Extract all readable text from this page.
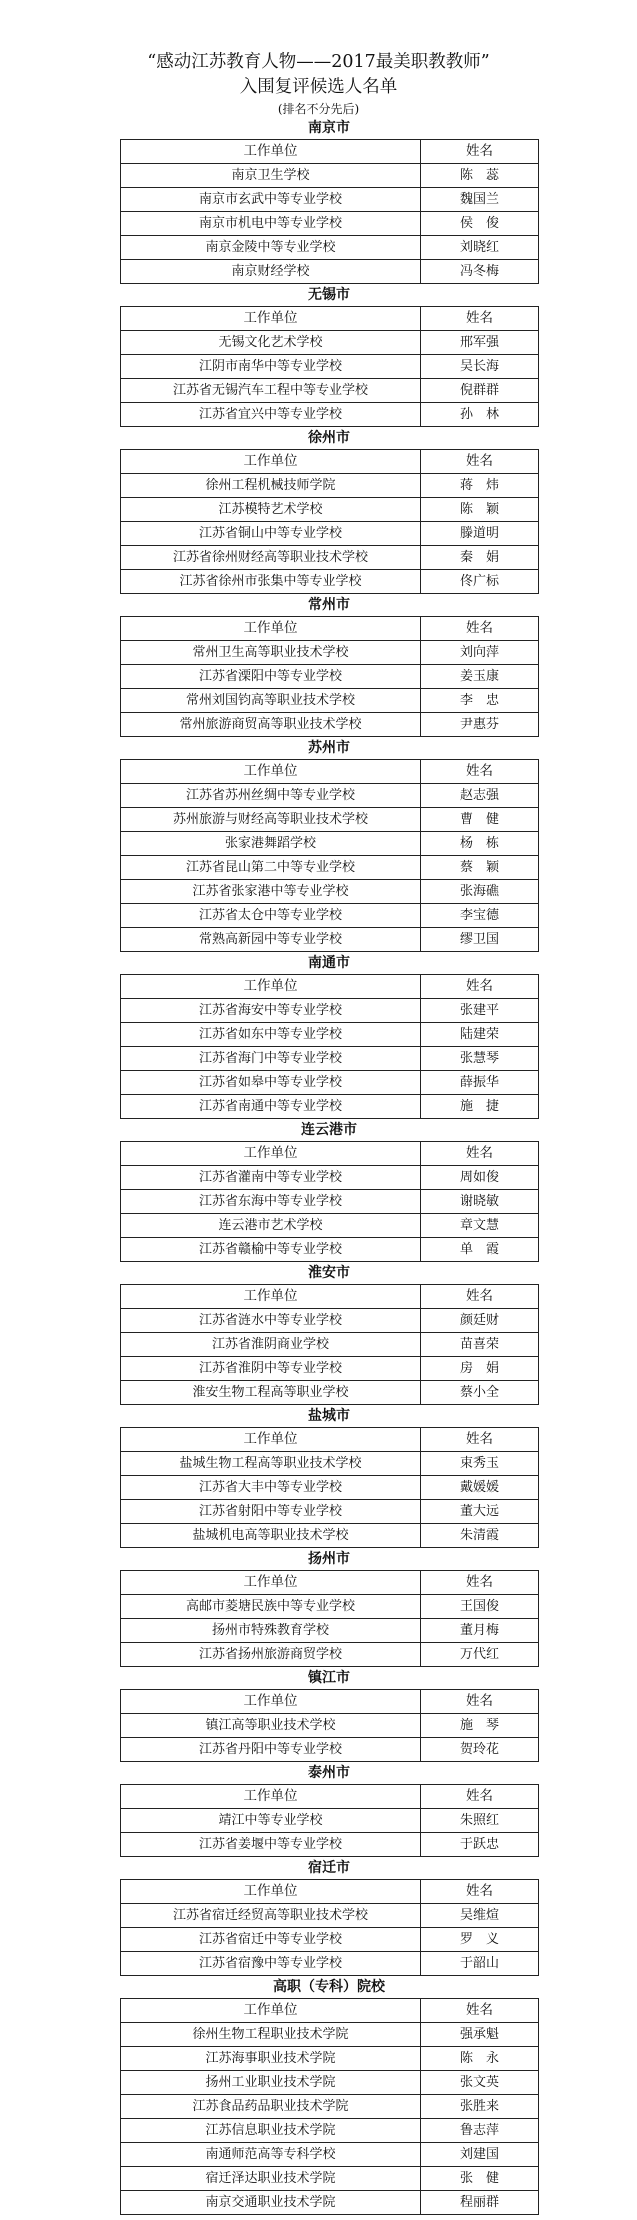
“感动江苏教育人物——2017最美职教教师”
入围复评候选人名单
(排名不分先后)
南京市
工作单位	姓名
南京卫生学校	陈　蕊
南京市玄武中等专业学校	魏国兰
南京市机电中等专业学校	侯　俊
南京金陵中等专业学校	刘晓红
南京财经学校	冯冬梅
无锡市
工作单位	姓名
无锡文化艺术学校	邢军强
江阴市南华中等专业学校	吴长海
江苏省无锡汽车工程中等专业学校	倪群群
江苏省宜兴中等专业学校	孙　林
徐州市
工作单位	姓名
徐州工程机械技师学院	蒋　炜
江苏模特艺术学校	陈　颖
江苏省铜山中等专业学校	滕道明
江苏省徐州财经高等职业技术学校	秦　娟
江苏省徐州市张集中等专业学校	佟广标
常州市
工作单位	姓名
常州卫生高等职业技术学校	刘向萍
江苏省溧阳中等专业学校	姜玉康
常州刘国钧高等职业技术学校	李　忠
常州旅游商贸高等职业技术学校	尹惠芬
苏州市
工作单位	姓名
江苏省苏州丝绸中等专业学校	赵志强
苏州旅游与财经高等职业技术学校	曹　健
张家港舞蹈学校	杨　栋
江苏省昆山第二中等专业学校	蔡　颖
江苏省张家港中等专业学校	张海礁
江苏省太仓中等专业学校	李宝德
常熟高新园中等专业学校	缪卫国
南通市
工作单位	姓名
江苏省海安中等专业学校	张建平
江苏省如东中等专业学校	陆建荣
江苏省海门中等专业学校	张慧琴
江苏省如皋中等专业学校	薛振华
江苏省南通中等专业学校	施　捷
连云港市
工作单位	姓名
江苏省灌南中等专业学校	周如俊
江苏省东海中等专业学校	谢晓敏
连云港市艺术学校	章文慧
江苏省赣榆中等专业学校	单　霞
淮安市
工作单位	姓名
江苏省涟水中等专业学校	颜廷财
江苏省淮阴商业学校	苗喜荣
江苏省淮阴中等专业学校	房　娟
淮安生物工程高等职业学校	蔡小全
盐城市
工作单位	姓名
盐城生物工程高等职业技术学校	束秀玉
江苏省大丰中等专业学校	戴媛媛
江苏省射阳中等专业学校	董大远
盐城机电高等职业技术学校	朱清霞
扬州市
工作单位	姓名
高邮市菱塘民族中等专业学校	王国俊
扬州市特殊教育学校	董月梅
江苏省扬州旅游商贸学校	万代红
镇江市
工作单位	姓名
镇江高等职业技术学校	施　琴
江苏省丹阳中等专业学校	贺玲花
泰州市
工作单位	姓名
靖江中等专业学校	朱照红
江苏省姜堰中等专业学校	于跃忠
宿迁市
工作单位	姓名
江苏省宿迁经贸高等职业技术学校	吴维煊
江苏省宿迁中等专业学校	罗　义
江苏省宿豫中等专业学校	于韶山
高职（专科）院校
工作单位	姓名
徐州生物工程职业技术学院	强承魁
江苏海事职业技术学院	陈　永
扬州工业职业技术学院	张文英
江苏食品药品职业技术学院	张胜来
江苏信息职业技术学院	鲁志萍
南通师范高等专科学校	刘建国
宿迁泽达职业技术学院	张　健
南京交通职业技术学院	程丽群
